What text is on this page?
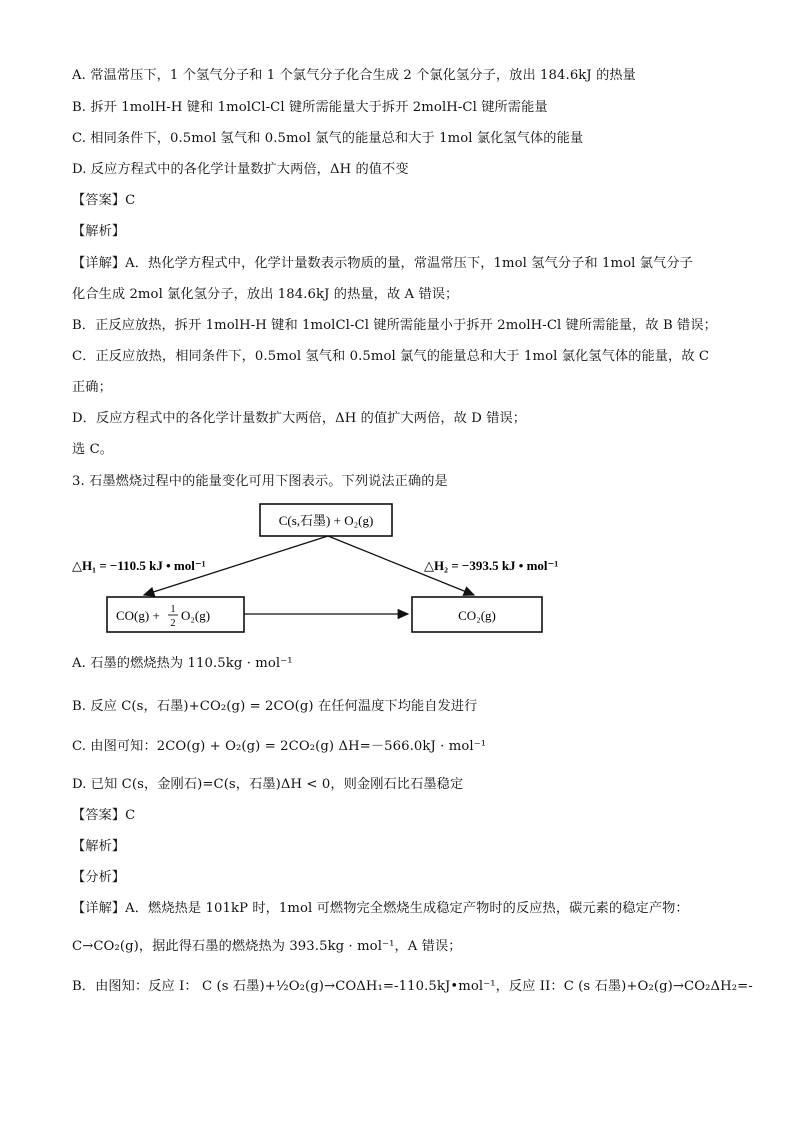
A. 常温常压下，1 个氢气分子和 1 个氯气分子化合生成 2 个氯化氢分子，放出 184.6kJ 的热量
B. 拆开 1molH-H 键和 1molCl-Cl 键所需能量大于拆开 2molH-Cl 键所需能量
C. 相同条件下，0.5mol 氢气和 0.5mol 氯气的能量总和大于 1mol 氯化氢气体的能量
D. 反应方程式中的各化学计量数扩大两倍，ΔH 的值不变
【答案】C
【解析】
【详解】A．热化学方程式中，化学计量数表示物质的量，常温常压下，1mol 氢气分子和 1mol 氯气分子
化合生成 2mol 氯化氢分子，放出 184.6kJ 的热量，故 A 错误；
B．正反应放热，拆开 1molH-H 键和 1molCl-Cl 键所需能量小于拆开 2molH-Cl 键所需能量，故 B 错误；
C．正反应放热，相同条件下，0.5mol 氢气和 0.5mol 氯气的能量总和大于 1mol 氯化氢气体的能量，故 C
正确；
D．反应方程式中的各化学计量数扩大两倍，ΔH 的值扩大两倍，故 D 错误；
选 C。
3. 石墨燃烧过程中的能量变化可用下图表示。下列说法正确的是
C(s,石墨) + O₂(g)
△H₁ = −110.5 kJ • mol⁻¹	△H₂ = −393.5 kJ • mol⁻¹
CO(g) + 1
2
O₂(g)	CO₂(g)
A. 石墨的燃烧热为 110.5kg · mol⁻¹
B. 反应 C(s，石墨)+CO₂(g) = 2CO(g) 在任何温度下均能自发进行
C. 由图可知：2CO(g) + O₂(g) = 2CO₂(g) ΔH=－566.0kJ · mol⁻¹
D. 已知 C(s，金刚石)=C(s，石墨)ΔH < 0，则金刚石比石墨稳定
【答案】C
【解析】
【分析】
【详解】A．燃烧热是 101kP 时，1mol 可燃物完全燃烧生成稳定产物时的反应热，碳元素的稳定产物：
C→CO₂(g)，据此得石墨的燃烧热为 393.5kg · mol⁻¹，A 错误；
B．由图知：反应 I： C (s 石墨)+½O₂(g)→COΔH₁=-110.5kJ•mol⁻¹，反应 II：C (s 石墨)+O₂(g)→CO₂ΔH₂=-
